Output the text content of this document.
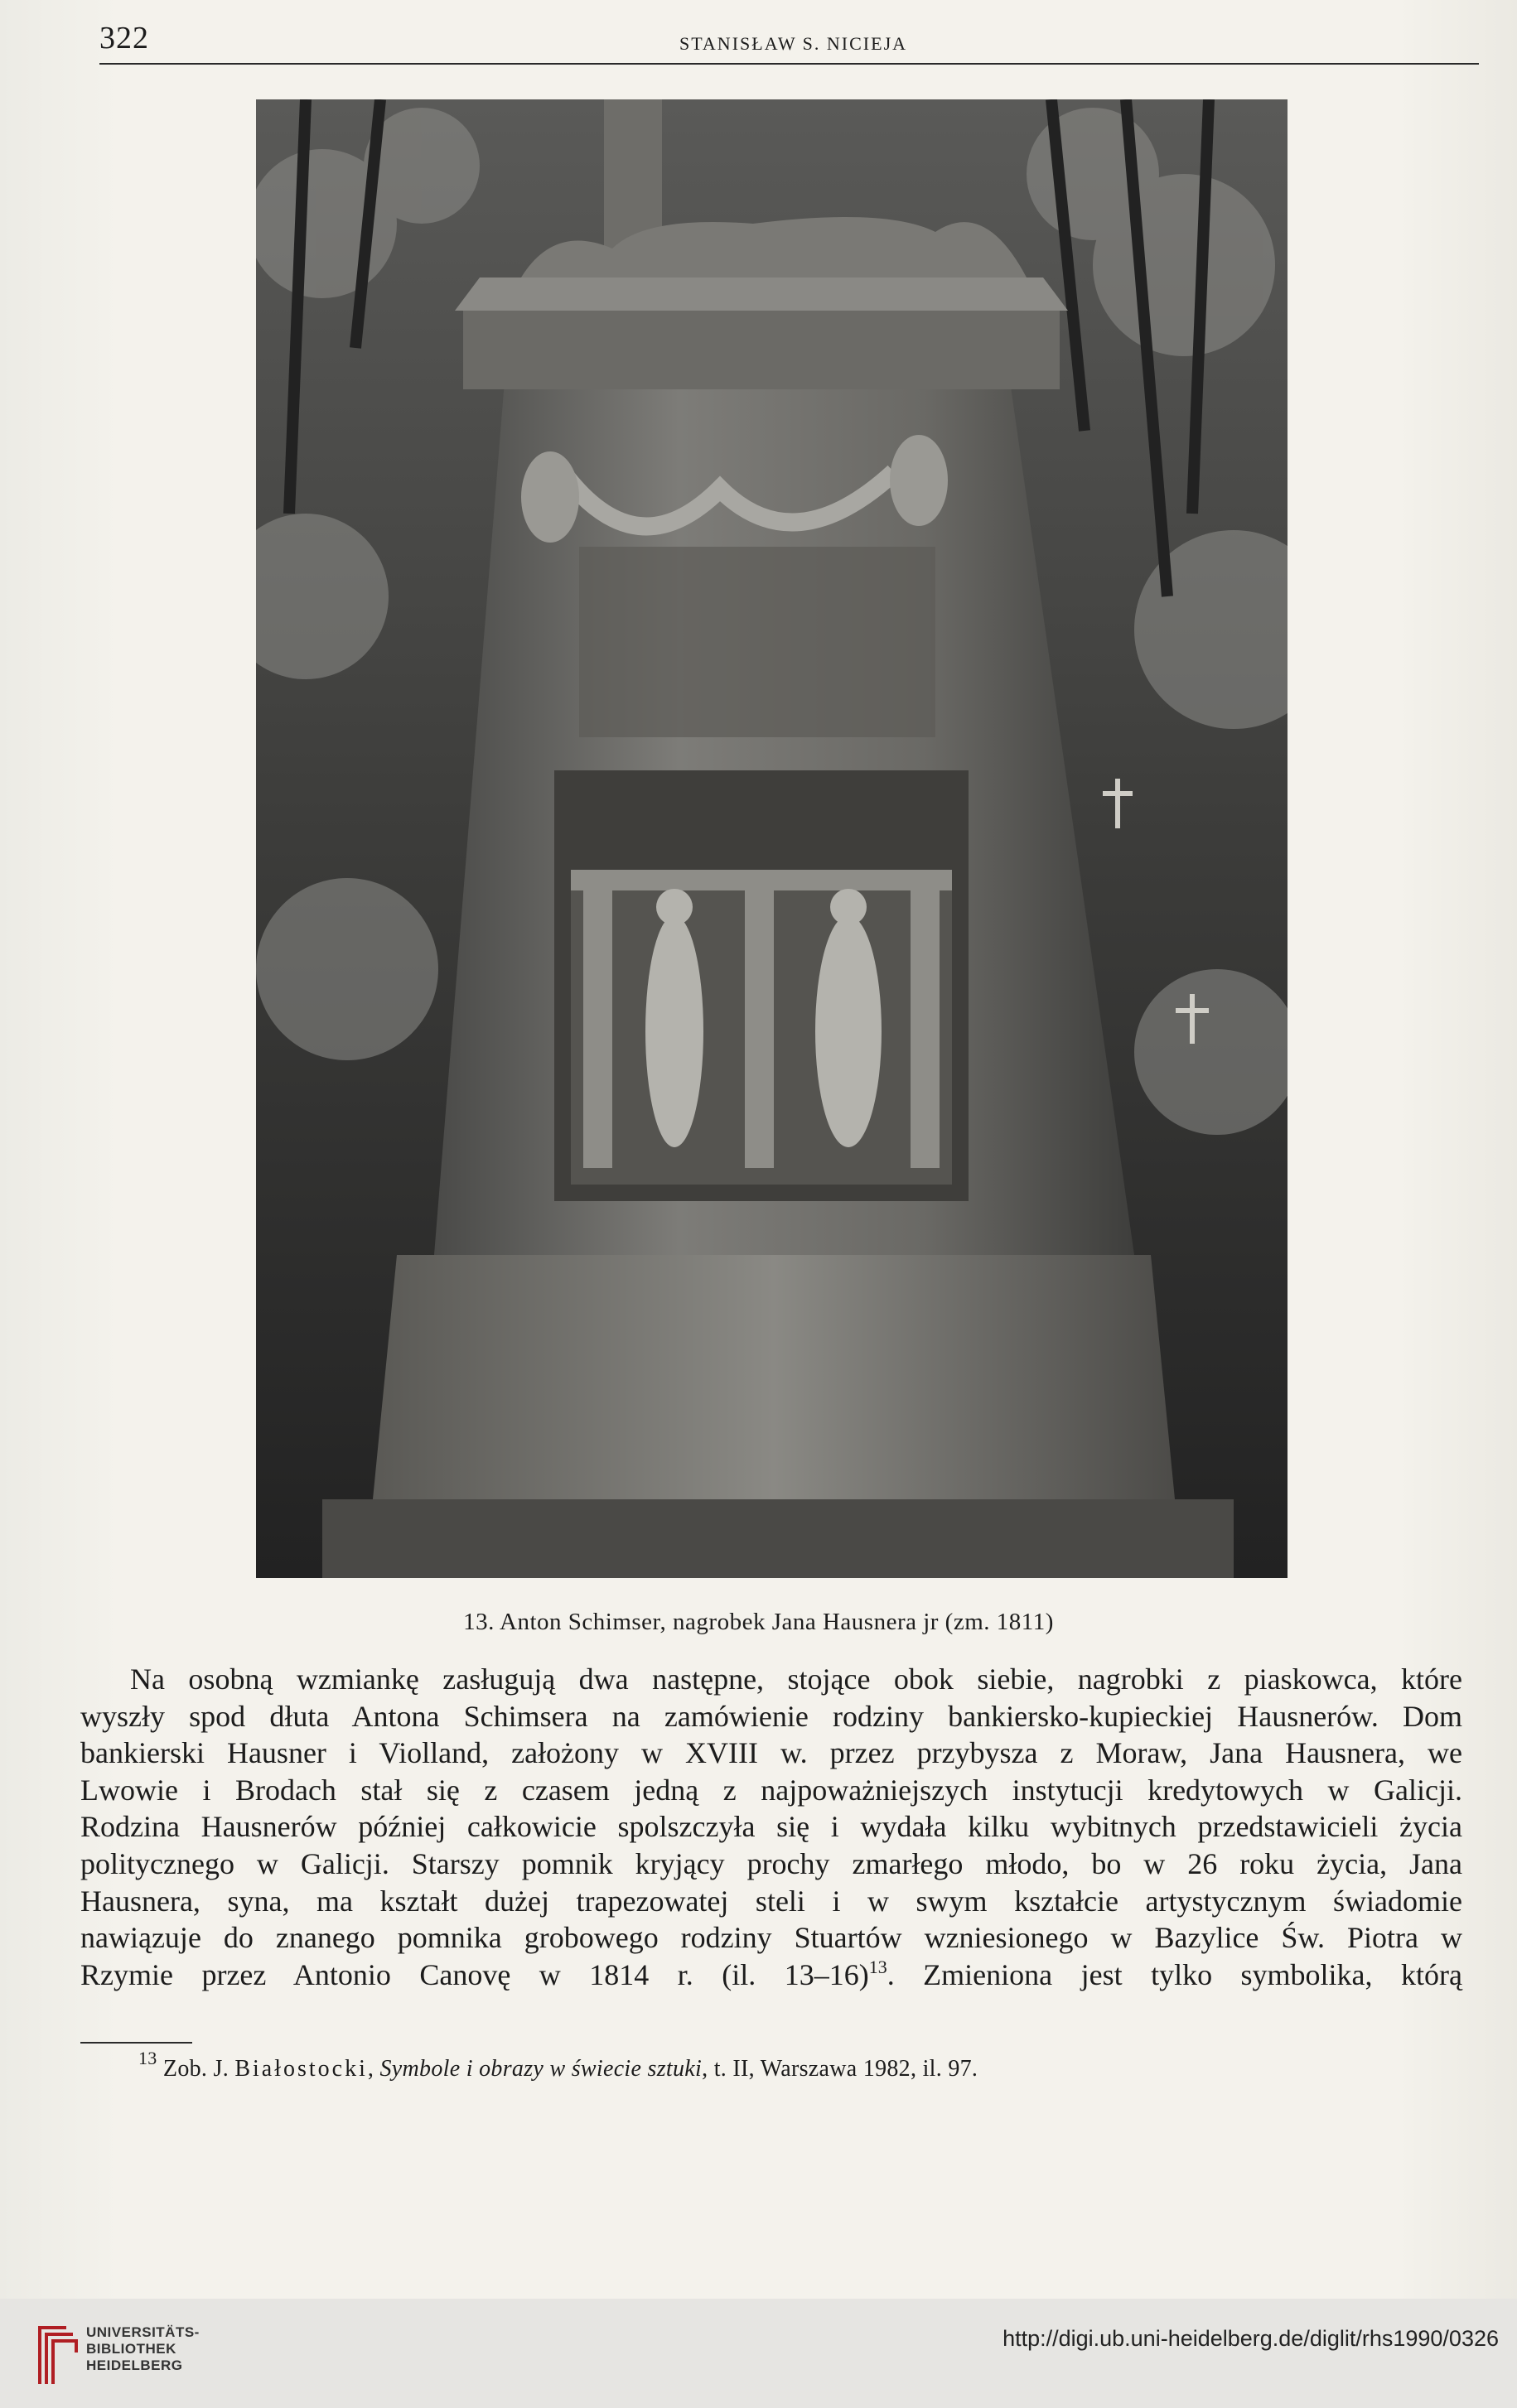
322	STANISŁAW S. NICIEJA
13. Anton Schimser, nagrobek Jana Hausnera jr (zm. 1811)
Na osobną wzmiankę zasługują dwa następne, stojące obok siebie, nagrobki z piaskowca, które
wyszły spod dłuta Antona Schimsera na zamówienie rodziny bankiersko-kupieckiej Hausnerów. Dom
bankierski Hausner i Violland, założony w XVIII w. przez przybysza z Moraw, Jana Hausnera, we
Lwowie i Brodach stał się z czasem jedną z najpoważniejszych instytucji kredytowych w Galicji.
Rodzina Hausnerów później całkowicie spolszczyła się i wydała kilku wybitnych przedstawicieli życia
politycznego w Galicji. Starszy pomnik kryjący prochy zmarłego młodo, bo w 26 roku życia, Jana
Hausnera, syna, ma kształt dużej trapezowatej steli i w swym kształcie artystycznym świadomie
nawiązuje do znanego pomnika grobowego rodziny Stuartów wzniesionego w Bazylice Św. Piotra w
Rzymie przez Antonio Canovę w 1814 r. (il. 13–16)$^{13}$. Zmieniona jest tylko symbolika, którą
$^{13}$ Zob. J. Białostocki, Symbole i obrazy w świecie sztuki, t. II, Warszawa 1982, il. 97.
UNIVERSITÄTS-
BIBLIOTHEK
HEIDELBERG
http://digi.ub.uni-heidelberg.de/diglit/rhs1990/0326
